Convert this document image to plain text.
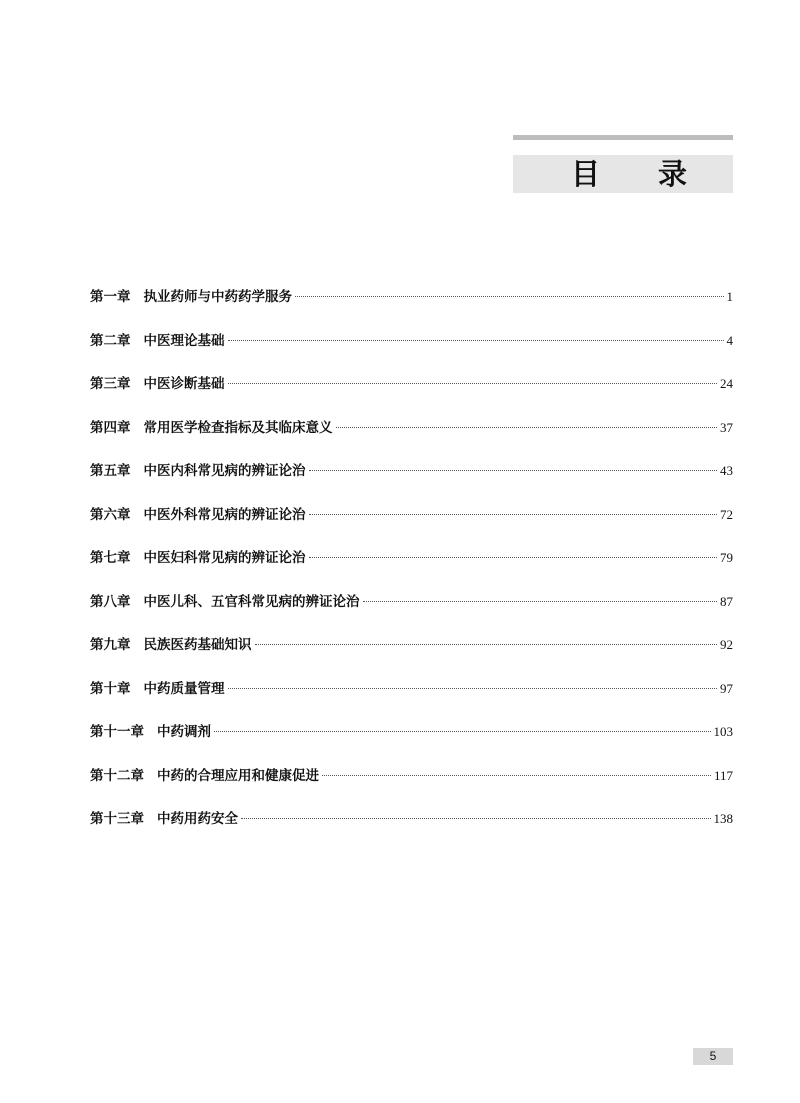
目录
第一章 执业药师与中药药学服务	1
第二章 中医理论基础	4
第三章 中医诊断基础	24
第四章 常用医学检查指标及其临床意义	37
第五章 中医内科常见病的辨证论治	43
第六章 中医外科常见病的辨证论治	72
第七章 中医妇科常见病的辨证论治	79
第八章 中医儿科、五官科常见病的辨证论治	87
第九章 民族医药基础知识	92
第十章 中药质量管理	97
第十一章 中药调剂	103
第十二章 中药的合理应用和健康促进	117
第十三章 中药用药安全	138
5
